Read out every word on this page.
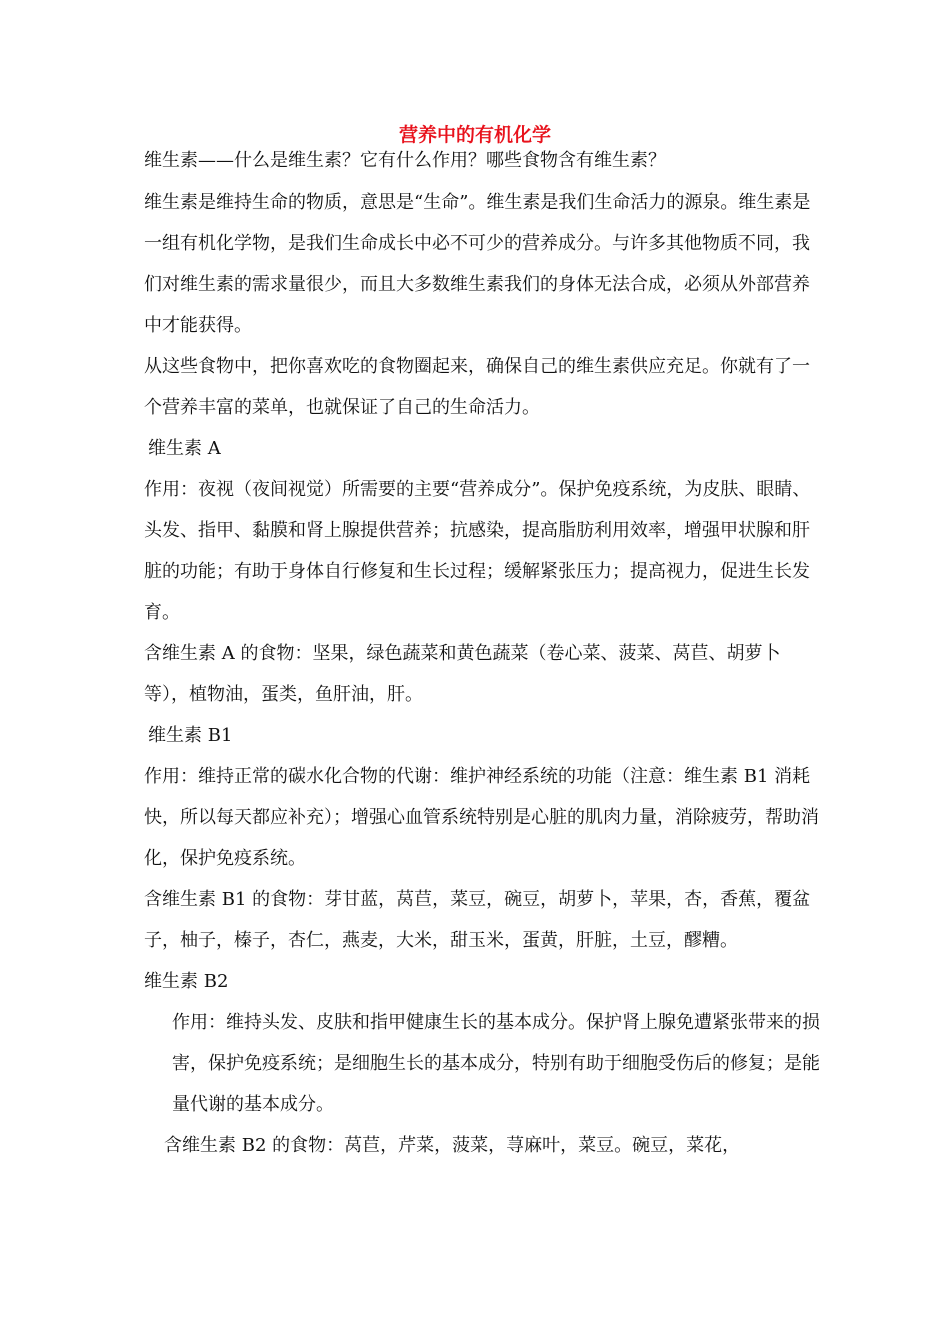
营养中的有机化学

维生素——什么是维生素？它有什么作用？哪些食物含有维生素？

维生素是维持生命的物质，意思是“生命”。维生素是我们生命活力的源泉。维生素是一组有机化学物，是我们生命成长中必不可少的营养成分。与许多其他物质不同，我们对维生素的需求量很少，而且大多数维生素我们的身体无法合成，必须从外部营养中才能获得。

从这些食物中，把你喜欢吃的食物圈起来，确保自己的维生素供应充足。你就有了一个营养丰富的菜单，也就保证了自己的生命活力。

维生素 A

作用：夜视（夜间视觉）所需要的主要“营养成分”。保护免疫系统，为皮肤、眼睛、头发、指甲、黏膜和肾上腺提供营养；抗感染，提高脂肪利用效率，增强甲状腺和肝脏的功能；有助于身体自行修复和生长过程；缓解紧张压力；提高视力，促进生长发育。

含维生素 A 的食物：坚果，绿色蔬菜和黄色蔬菜（卷心菜、菠菜、莴苣、胡萝卜等），植物油，蛋类，鱼肝油，肝。

维生素 B1

作用：维持正常的碳水化合物的代谢：维护神经系统的功能（注意：维生素 B1 消耗快，所以每天都应补充）；增强心血管系统特别是心脏的肌肉力量，消除疲劳，帮助消化，保护免疫系统。

含维生素 B1 的食物：芽甘蓝，莴苣，菜豆，碗豆，胡萝卜，苹果，杏，香蕉，覆盆子，柚子，榛子，杏仁，燕麦，大米，甜玉米，蛋黄，肝脏，土豆，醪糟。

维生素 B2

作用：维持头发、皮肤和指甲健康生长的基本成分。保护肾上腺免遭紧张带来的损害，保护免疫系统；是细胞生长的基本成分，特别有助于细胞受伤后的修复；是能量代谢的基本成分。

含维生素 B2 的食物：莴苣，芹菜，菠菜，荨麻叶，菜豆。碗豆，菜花，
